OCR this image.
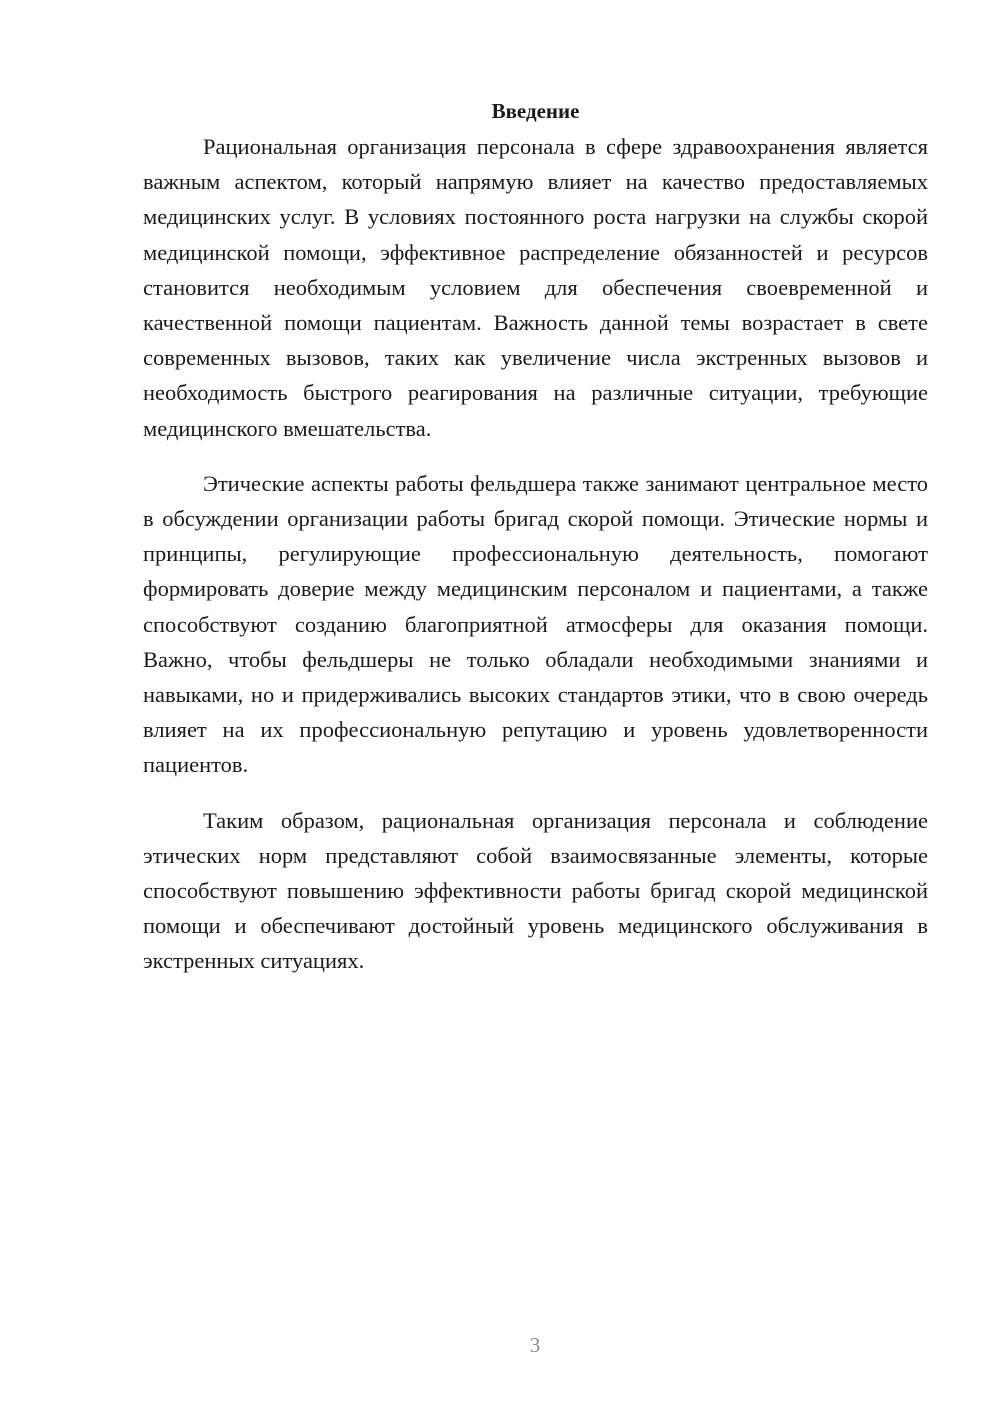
Введение

Рациональная организация персонала в сфере здравоохранения является важным аспектом, который напрямую влияет на качество предоставляемых медицинских услуг. В условиях постоянного роста нагрузки на службы скорой медицинской помощи, эффективное распределение обязанностей и ресурсов становится необходимым условием для обеспечения своевременной и качественной помощи пациентам. Важность данной темы возрастает в свете современных вызовов, таких как увеличение числа экстренных вызовов и необходимость быстрого реагирования на различные ситуации, требующие медицинского вмешательства.

Этические аспекты работы фельдшера также занимают центральное место в обсуждении организации работы бригад скорой помощи. Этические нормы и принципы, регулирующие профессиональную деятельность, помогают формировать доверие между медицинским персоналом и пациентами, а также способствуют созданию благоприятной атмосферы для оказания помощи. Важно, чтобы фельдшеры не только обладали необходимыми знаниями и навыками, но и придерживались высоких стандартов этики, что в свою очередь влияет на их профессиональную репутацию и уровень удовлетворенности пациентов.

Таким образом, рациональная организация персонала и соблюдение этических норм представляют собой взаимосвязанные элементы, которые способствуют повышению эффективности работы бригад скорой медицинской помощи и обеспечивают достойный уровень медицинского обслуживания в экстренных ситуациях.

3
